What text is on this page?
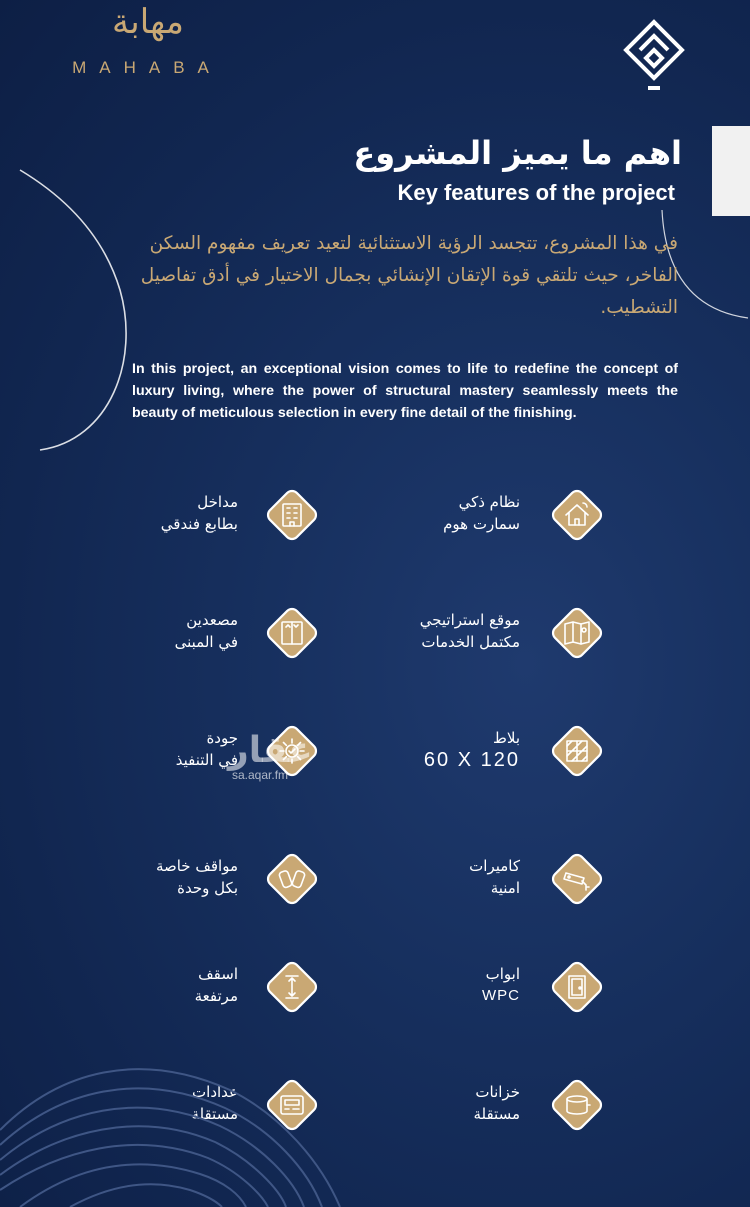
مهابة
MAHABA
اهم ما يميز المشروع
Key features of the project
في هذا المشروع، تتجسد الرؤية الاستثنائية لتعيد تعريف مفهوم السكن الفاخر، حيث تلتقي قوة الإتقان الإنشائي بجمال الاختيار في أدق تفاصيل التشطيب.
In this project, an exceptional vision comes to life to redefine the concept of luxury living, where the power of structural mastery seamlessly meets the beauty of meticulous selection in every fine detail of the finishing.
مداخل
بطابع فندقي
نظام ذكي
سمارت هوم
مصعدين
في المبنى
موقع استراتيجي
مكتمل الخدمات
جودة
في التنفيذ
بلاط
60 X 120
مواقف خاصة
بكل وحدة
كاميرات
امنية
اسقف
مرتفعة
ابواب
WPC
عدادات
مستقلة
خزانات
مستقلة
عقار
sa.aqar.fm
